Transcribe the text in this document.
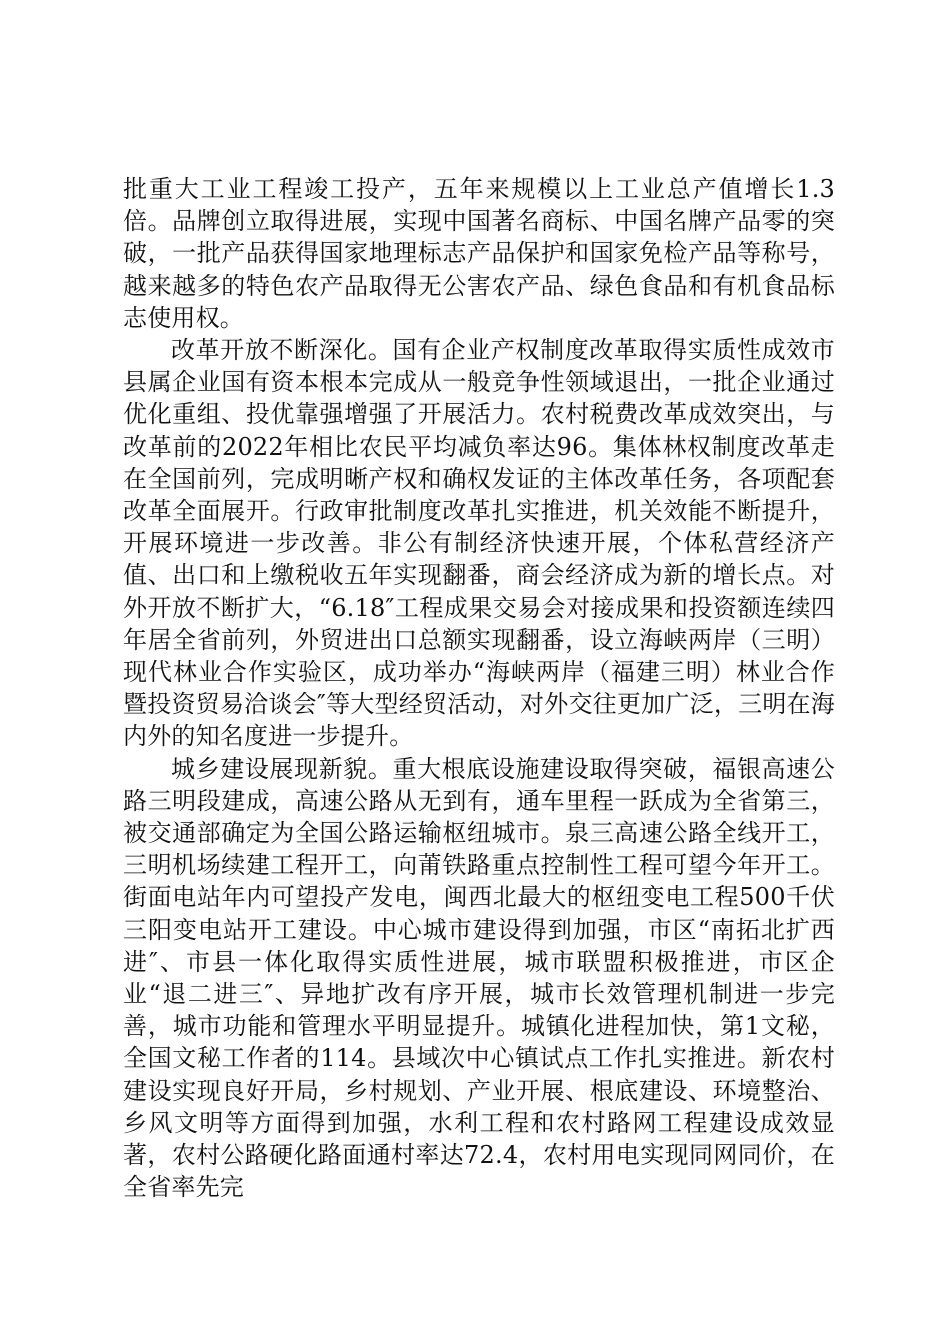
批重大工业工程竣工投产，五年来规模以上工业总产值增长1.3倍。品牌创立取得进展，实现中国著名商标、中国名牌产品零的突破，一批产品获得国家地理标志产品保护和国家免检产品等称号，越来越多的特色农产品取得无公害农产品、绿色食品和有机食品标志使用权。

改革开放不断深化。国有企业产权制度改革取得实质性成效市县属企业国有资本根本完成从一般竞争性领域退出，一批企业通过优化重组、投优靠强增强了开展活力。农村税费改革成效突出，与改革前的2022年相比农民平均减负率达96。集体林权制度改革走在全国前列，完成明晰产权和确权发证的主体改革任务，各项配套改革全面展开。行政审批制度改革扎实推进，机关效能不断提升，开展环境进一步改善。非公有制经济快速开展，个体私营经济产值、出口和上缴税收五年实现翻番，商会经济成为新的增长点。对外开放不断扩大，“6.18″工程成果交易会对接成果和投资额连续四年居全省前列，外贸进出口总额实现翻番，设立海峡两岸（三明）现代林业合作实验区，成功举办“海峡两岸（福建三明）林业合作暨投资贸易洽谈会″等大型经贸活动，对外交往更加广泛，三明在海内外的知名度进一步提升。

城乡建设展现新貌。重大根底设施建设取得突破，福银高速公路三明段建成，高速公路从无到有，通车里程一跃成为全省第三，被交通部确定为全国公路运输枢纽城市。泉三高速公路全线开工，三明机场续建工程开工，向莆铁路重点控制性工程可望今年开工。街面电站年内可望投产发电，闽西北最大的枢纽变电工程500千伏三阳变电站开工建设。中心城市建设得到加强，市区“南拓北扩西进″、市县一体化取得实质性进展，城市联盟积极推进，市区企业“退二进三″、异地扩改有序开展，城市长效管理机制进一步完善，城市功能和管理水平明显提升。城镇化进程加快，第1文秘，全国文秘工作者的114。县域次中心镇试点工作扎实推进。新农村建设实现良好开局，乡村规划、产业开展、根底建设、环境整治、乡风文明等方面得到加强，水利工程和农村路网工程建设成效显著，农村公路硬化路面通村率达72.4，农村用电实现同网同价，在全省率先完
